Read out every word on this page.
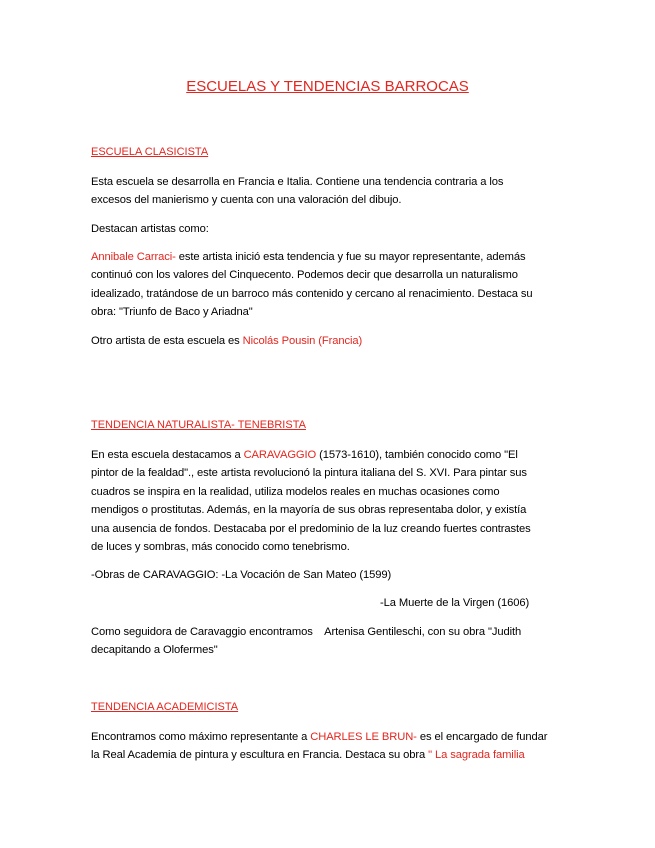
ESCUELAS Y TENDENCIAS BARROCAS
ESCUELA CLASICISTA

Esta escuela se desarrolla en Francia e Italia. Contiene una tendencia contraria a los

excesos del manierismo y cuenta con una valoración del dibujo.

Destacan artistas como:

Annibale Carraci- este artista inició esta tendencia y fue su mayor representante, además

continuó con los valores del Cinquecento. Podemos decir que desarrolla un naturalismo

idealizado, tratándose de un barroco más contenido y cercano al renacimiento. Destaca su

obra: "Triunfo de Baco y Ariadna"

Otro artista de esta escuela es Nicolás Pousin (Francia)

TENDENCIA NATURALISTA- TENEBRISTA

En esta escuela destacamos a CARAVAGGIO (1573-1610), también conocido como "El

pintor de la fealdad"., este artista revolucionó la pintura italiana del S. XVI. Para pintar sus

cuadros se inspira en la realidad, utiliza modelos reales en muchas ocasiones como

mendigos o prostitutas. Además, en la mayoría de sus obras representaba dolor, y existía

una ausencia de fondos. Destacaba por el predominio de la luz creando fuertes contrastes

de luces y sombras, más conocido como tenebrismo.

-Obras de CARAVAGGIO: -La Vocación de San Mateo (1599)

-La Muerte de la Virgen (1606)

Como seguidora de Caravaggio encontramos    Artenisa Gentileschi, con su obra "Judith

decapitando a Olofermes"

TENDENCIA ACADEMICISTA

Encontramos como máximo representante a CHARLES LE BRUN- es el encargado de fundar

la Real Academia de pintura y escultura en Francia. Destaca su obra " La sagrada familia
